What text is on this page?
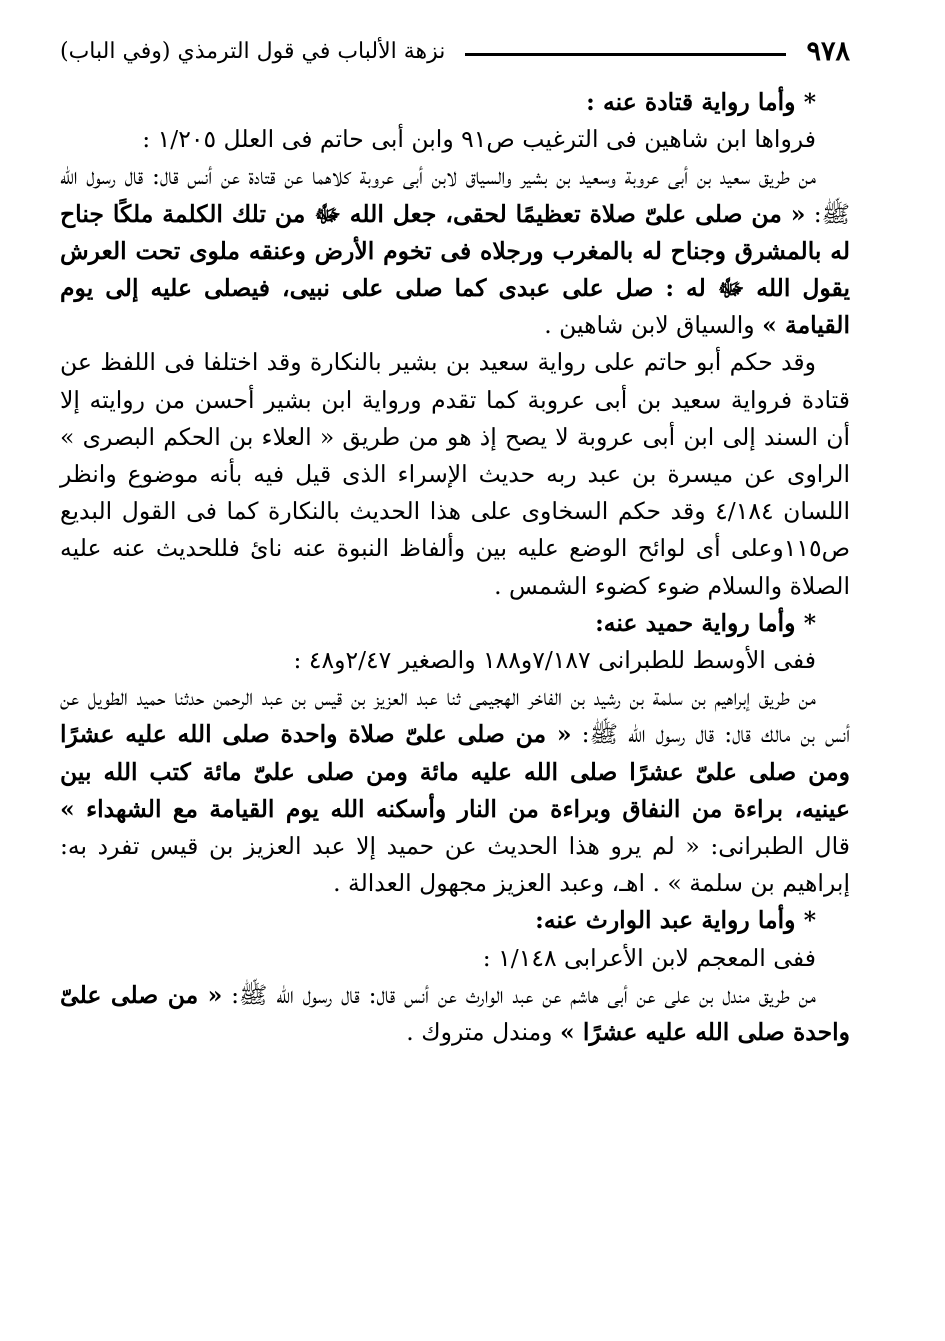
٩٧٨
نزهة الألباب في قول الترمذي (وفي الباب)

* وأما رواية قتادة عنه :

فرواها ابن شاهين فى الترغيب ص٩١ وابن أبى حاتم فى العلل ١/٢٠٥ :

من طريق سعيد بن أبى عروبة وسعيد بن بشير والسياق لابن أبى عروبة كلاهما عن قتادة عن أنس قال: قال رسول الله ﷺ: « من صلى علىّ صلاة تعظيمًا لحقى، جعل الله ﷻ من تلك الكلمة ملكًا جناح له بالمشرق وجناح له بالمغرب ورجلاه فى تخوم الأرض وعنقه ملوى تحت العرش يقول الله ﷻ له : صل على عبدى كما صلى على نبيى، فيصلى عليه إلى يوم القيامة » والسياق لابن شاهين .

وقد حكم أبو حاتم على رواية سعيد بن بشير بالنكارة وقد اختلفا فى اللفظ عن قتادة فرواية سعيد بن أبى عروبة كما تقدم ورواية ابن بشير أحسن من روايته إلا أن السند إلى ابن أبى عروبة لا يصح إذ هو من طريق « العلاء بن الحكم البصرى » الراوى عن ميسرة بن عبد ربه حديث الإسراء الذى قيل فيه بأنه موضوع وانظر اللسان ٤/١٨٤ وقد حكم السخاوى على هذا الحديث بالنكارة كما فى القول البديع ص١١٥وعلى أى لوائح الوضع عليه بين وألفاظ النبوة عنه نائ فللحديث عنه عليه الصلاة والسلام ضوء كضوء الشمس .

* وأما رواية حميد عنه:

ففى الأوسط للطبرانى ٧/١٨٧و١٨٨ والصغير ٢/٤٧و٤٨ :

من طريق إبراهيم بن سلمة بن رشيد بن الفاخر الهجيمى ثنا عبد العزيز بن قيس بن عبد الرحمن حدثنا حميد الطويل عن أنس بن مالك قال: قال رسول الله ﷺ: « من صلى علىّ صلاة واحدة صلى الله عليه عشرًا ومن صلى علىّ عشرًا صلى الله عليه مائة ومن صلى علىّ مائة كتب الله بين عينيه، براءة من النفاق وبراءة من النار وأسكنه الله يوم القيامة مع الشهداء » قال الطبرانى: « لم يرو هذا الحديث عن حميد إلا عبد العزيز بن قيس تفرد به: إبراهيم بن سلمة » . اهـ، وعبد العزيز مجهول العدالة .

* وأما رواية عبد الوارث عنه:

ففى المعجم لابن الأعرابى ١/١٤٨ :

من طريق مندل بن على عن أبى هاشم عن عبد الوارث عن أنس قال: قال رسول الله ﷺ: « من صلى علىّ واحدة صلى الله عليه عشرًا » ومندل متروك .
